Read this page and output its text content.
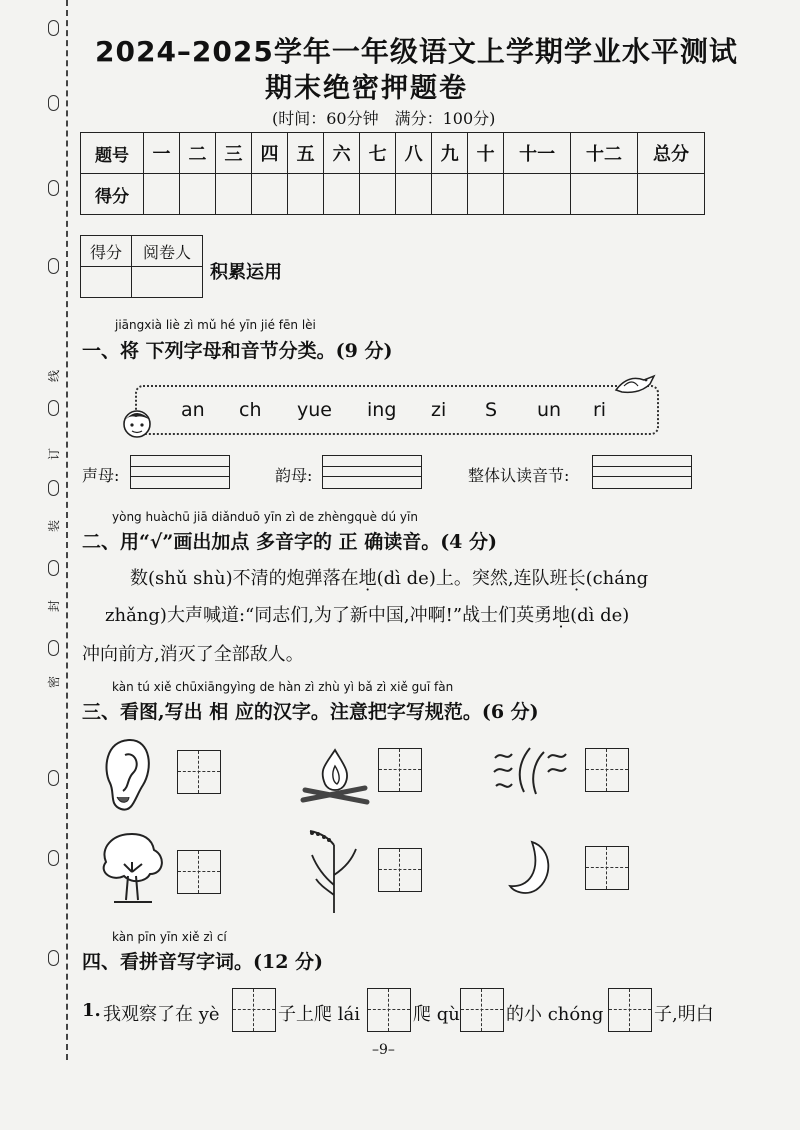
线
订
装
封
密
2024–2025学年一年级语文上学期学业水平测试
期末绝密押题卷
(时间：60分钟　满分：100分)
题号	一	二	三	四	五	六	七	八	九	十	十一	十二	总分
得分													
得分	阅卷人

积累运用
jiāngxià liè zì mǔ hé yīn jié fēn lèi
一、将 下列字母和音节分类。(9 分)
an ch yue ing zi S un ri
声母:	韵母:	整体认读音节:
yòng huàchū jiā diǎnduō yīn zì de zhèngquè dú yīn
二、用“√”画出加点 多音字的 正 确读音。(4 分)
数(shǔ shù)不清的炮弹落在地(dì de)上。突然,连队班长(cháng
zhǎng)大声喊道:“同志们,为了新中国,冲啊!”战士们英勇地(dì de)
冲向前方,消灭了全部敌人。
kàn tú xiě chūxiāngyìng de hàn zì zhù yì bǎ zì xiě guī fàn
三、看图,写出 相 应的汉字。注意把字写规范。(6 分)
kàn pīn yīn xiě zì cí
四、看拼音写字词。(12 分)
1. 我观察了在 yè	子上爬 lái	爬 qù	的小 chóng	子,明白
–9–
